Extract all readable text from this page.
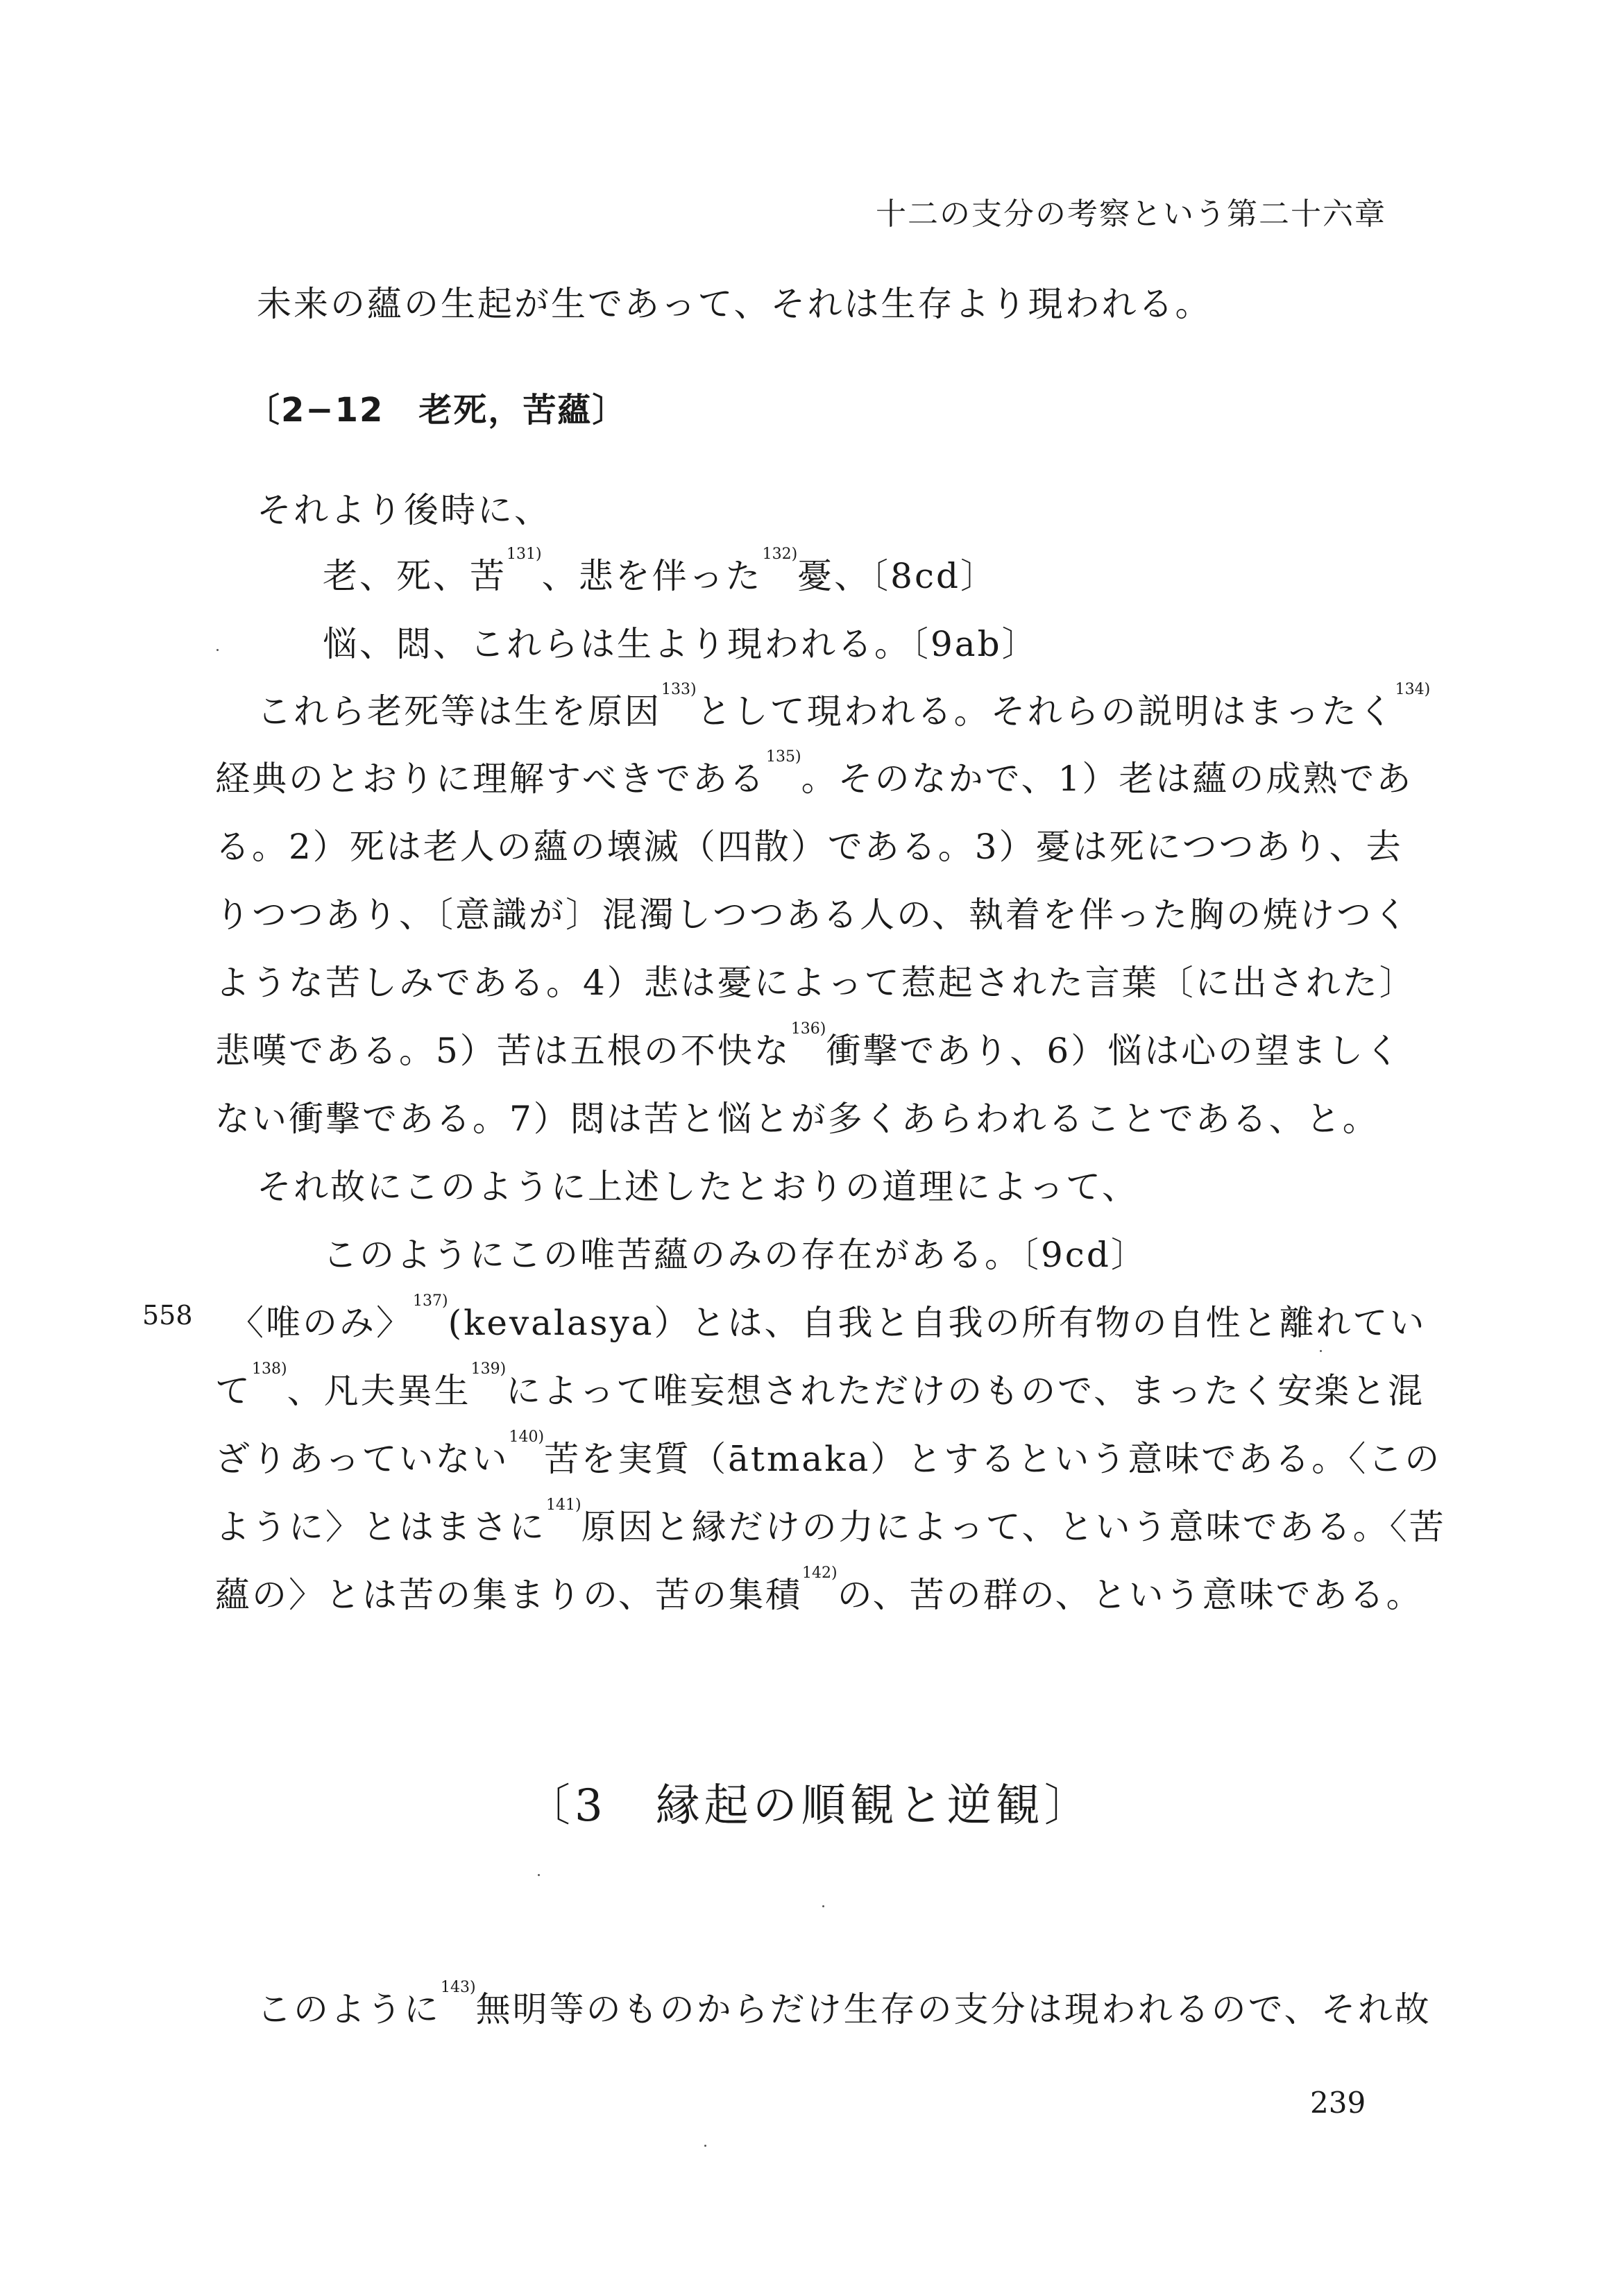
十二の支分の考察という第二十六章
未来の蘊の生起が生であって、それは生存より現われる。
〔2−12　老死，苦蘊〕
それより後時に、
老、死、苦$^{131)}$、悲を伴った$^{132)}$憂、〔8cd〕
悩、悶、これらは生より現われる。〔9ab〕
これら老死等は生を原因$^{133)}$として現われる。それらの説明はまったく$^{134)}$
経典のとおりに理解すべきである$^{135)}$。そのなかで、1）老は蘊の成熟であ
る。2）死は老人の蘊の壊滅（四散）である。3）憂は死につつあり、去
りつつあり、〔意識が〕混濁しつつある人の、執着を伴った胸の焼けつく
ような苦しみである。4）悲は憂によって惹起された言葉〔に出された〕
悲嘆である。5）苦は五根の不快な$^{136)}$衝撃であり、6）悩は心の望ましく
ない衝撃である。7）悶は苦と悩とが多くあらわれることである、と。
それ故にこのように上述したとおりの道理によって、
このようにこの唯苦蘊のみの存在がある。〔9cd〕
558 〈唯のみ〉$^{137)}$(kevalasya）とは、自我と自我の所有物の自性と離れてい
て$^{138)}$、凡夫異生$^{139)}$によって唯妄想されただけのもので、まったく安楽と混
ざりあっていない$^{140)}$苦を実質（ātmaka）とするという意味である。〈この
ように〉とはまさに$^{141)}$原因と縁だけの力によって、という意味である。〈苦
蘊の〉とは苦の集まりの、苦の集積$^{142)}$の、苦の群の、という意味である。
〔3　縁起の順観と逆観〕
このように$^{143)}$無明等のものからだけ生存の支分は現われるので、それ故
239
